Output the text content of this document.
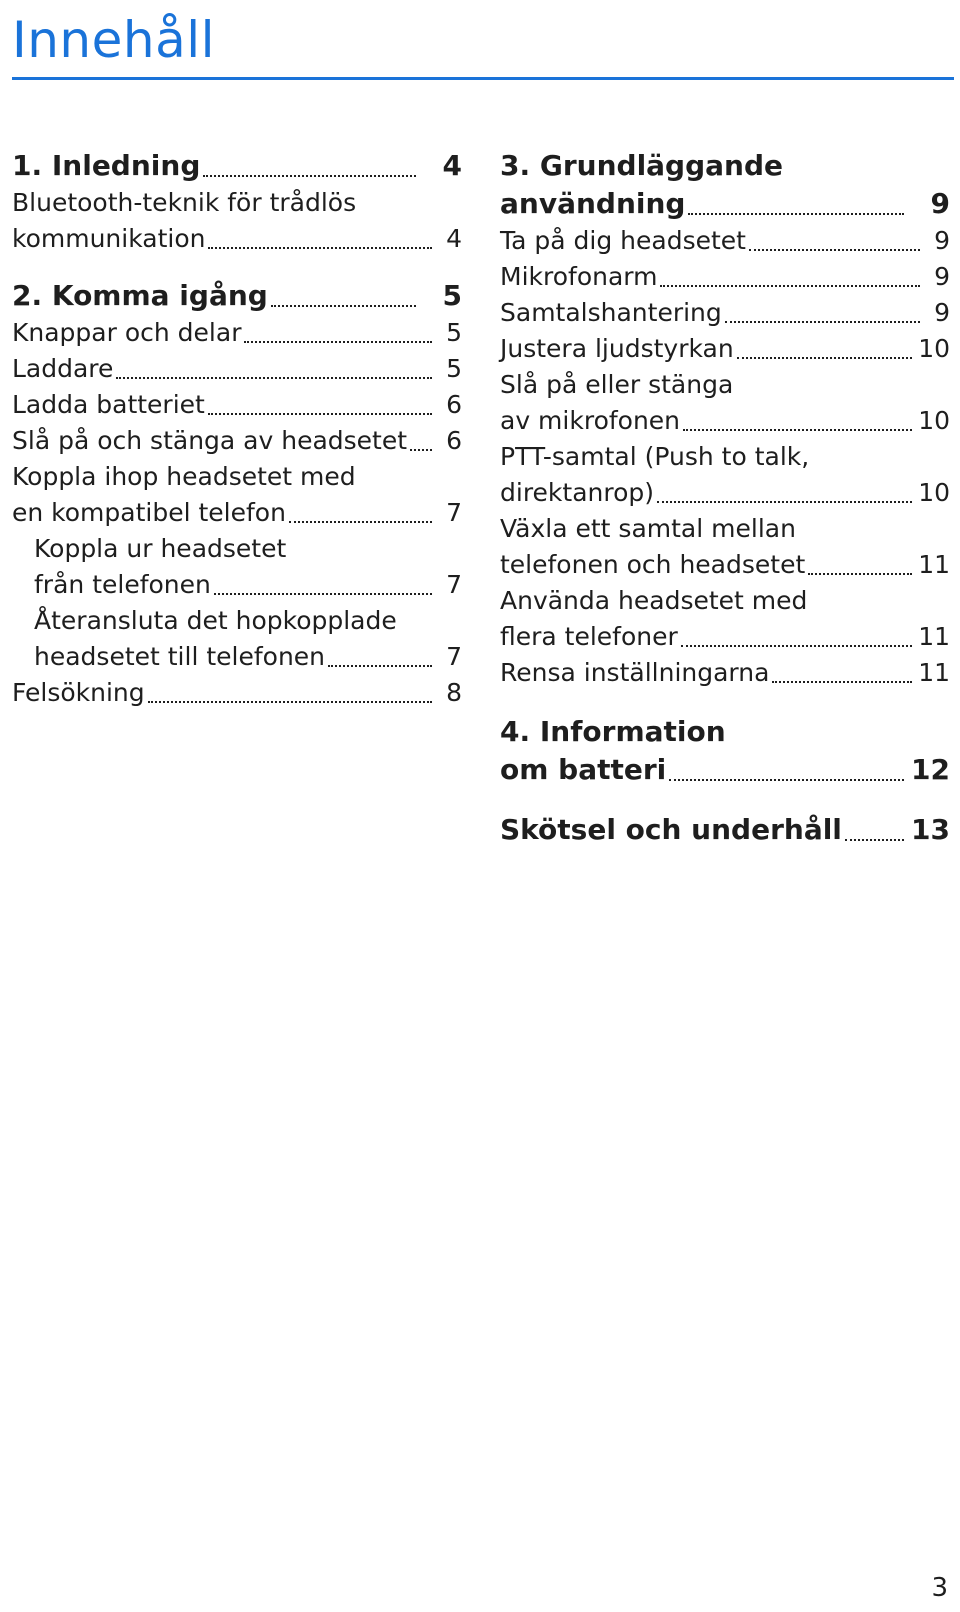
Innehåll
1. Inledning	4
Bluetooth-teknik för trådlös
kommunikation	4
2. Komma igång	5
Knappar och delar	5
Laddare	5
Ladda batteriet	6
Slå på och stänga av headsetet	6
Koppla ihop headsetet med
en kompatibel telefon	7
Koppla ur headsetet
från telefonen	7
Återansluta det hopkopplade
headsetet till telefonen	7
Felsökning	8
3. Grundläggande
användning	9
Ta på dig headsetet	9
Mikrofonarm	9
Samtalshantering	9
Justera ljudstyrkan	10
Slå på eller stänga
av mikrofonen	10
PTT-samtal (Push to talk,
direktanrop)	10
Växla ett samtal mellan
telefonen och headsetet	11
Använda headsetet med
flera telefoner	11
Rensa inställningarna	11
4. Information
om batteri	12
Skötsel och underhåll 13
3
